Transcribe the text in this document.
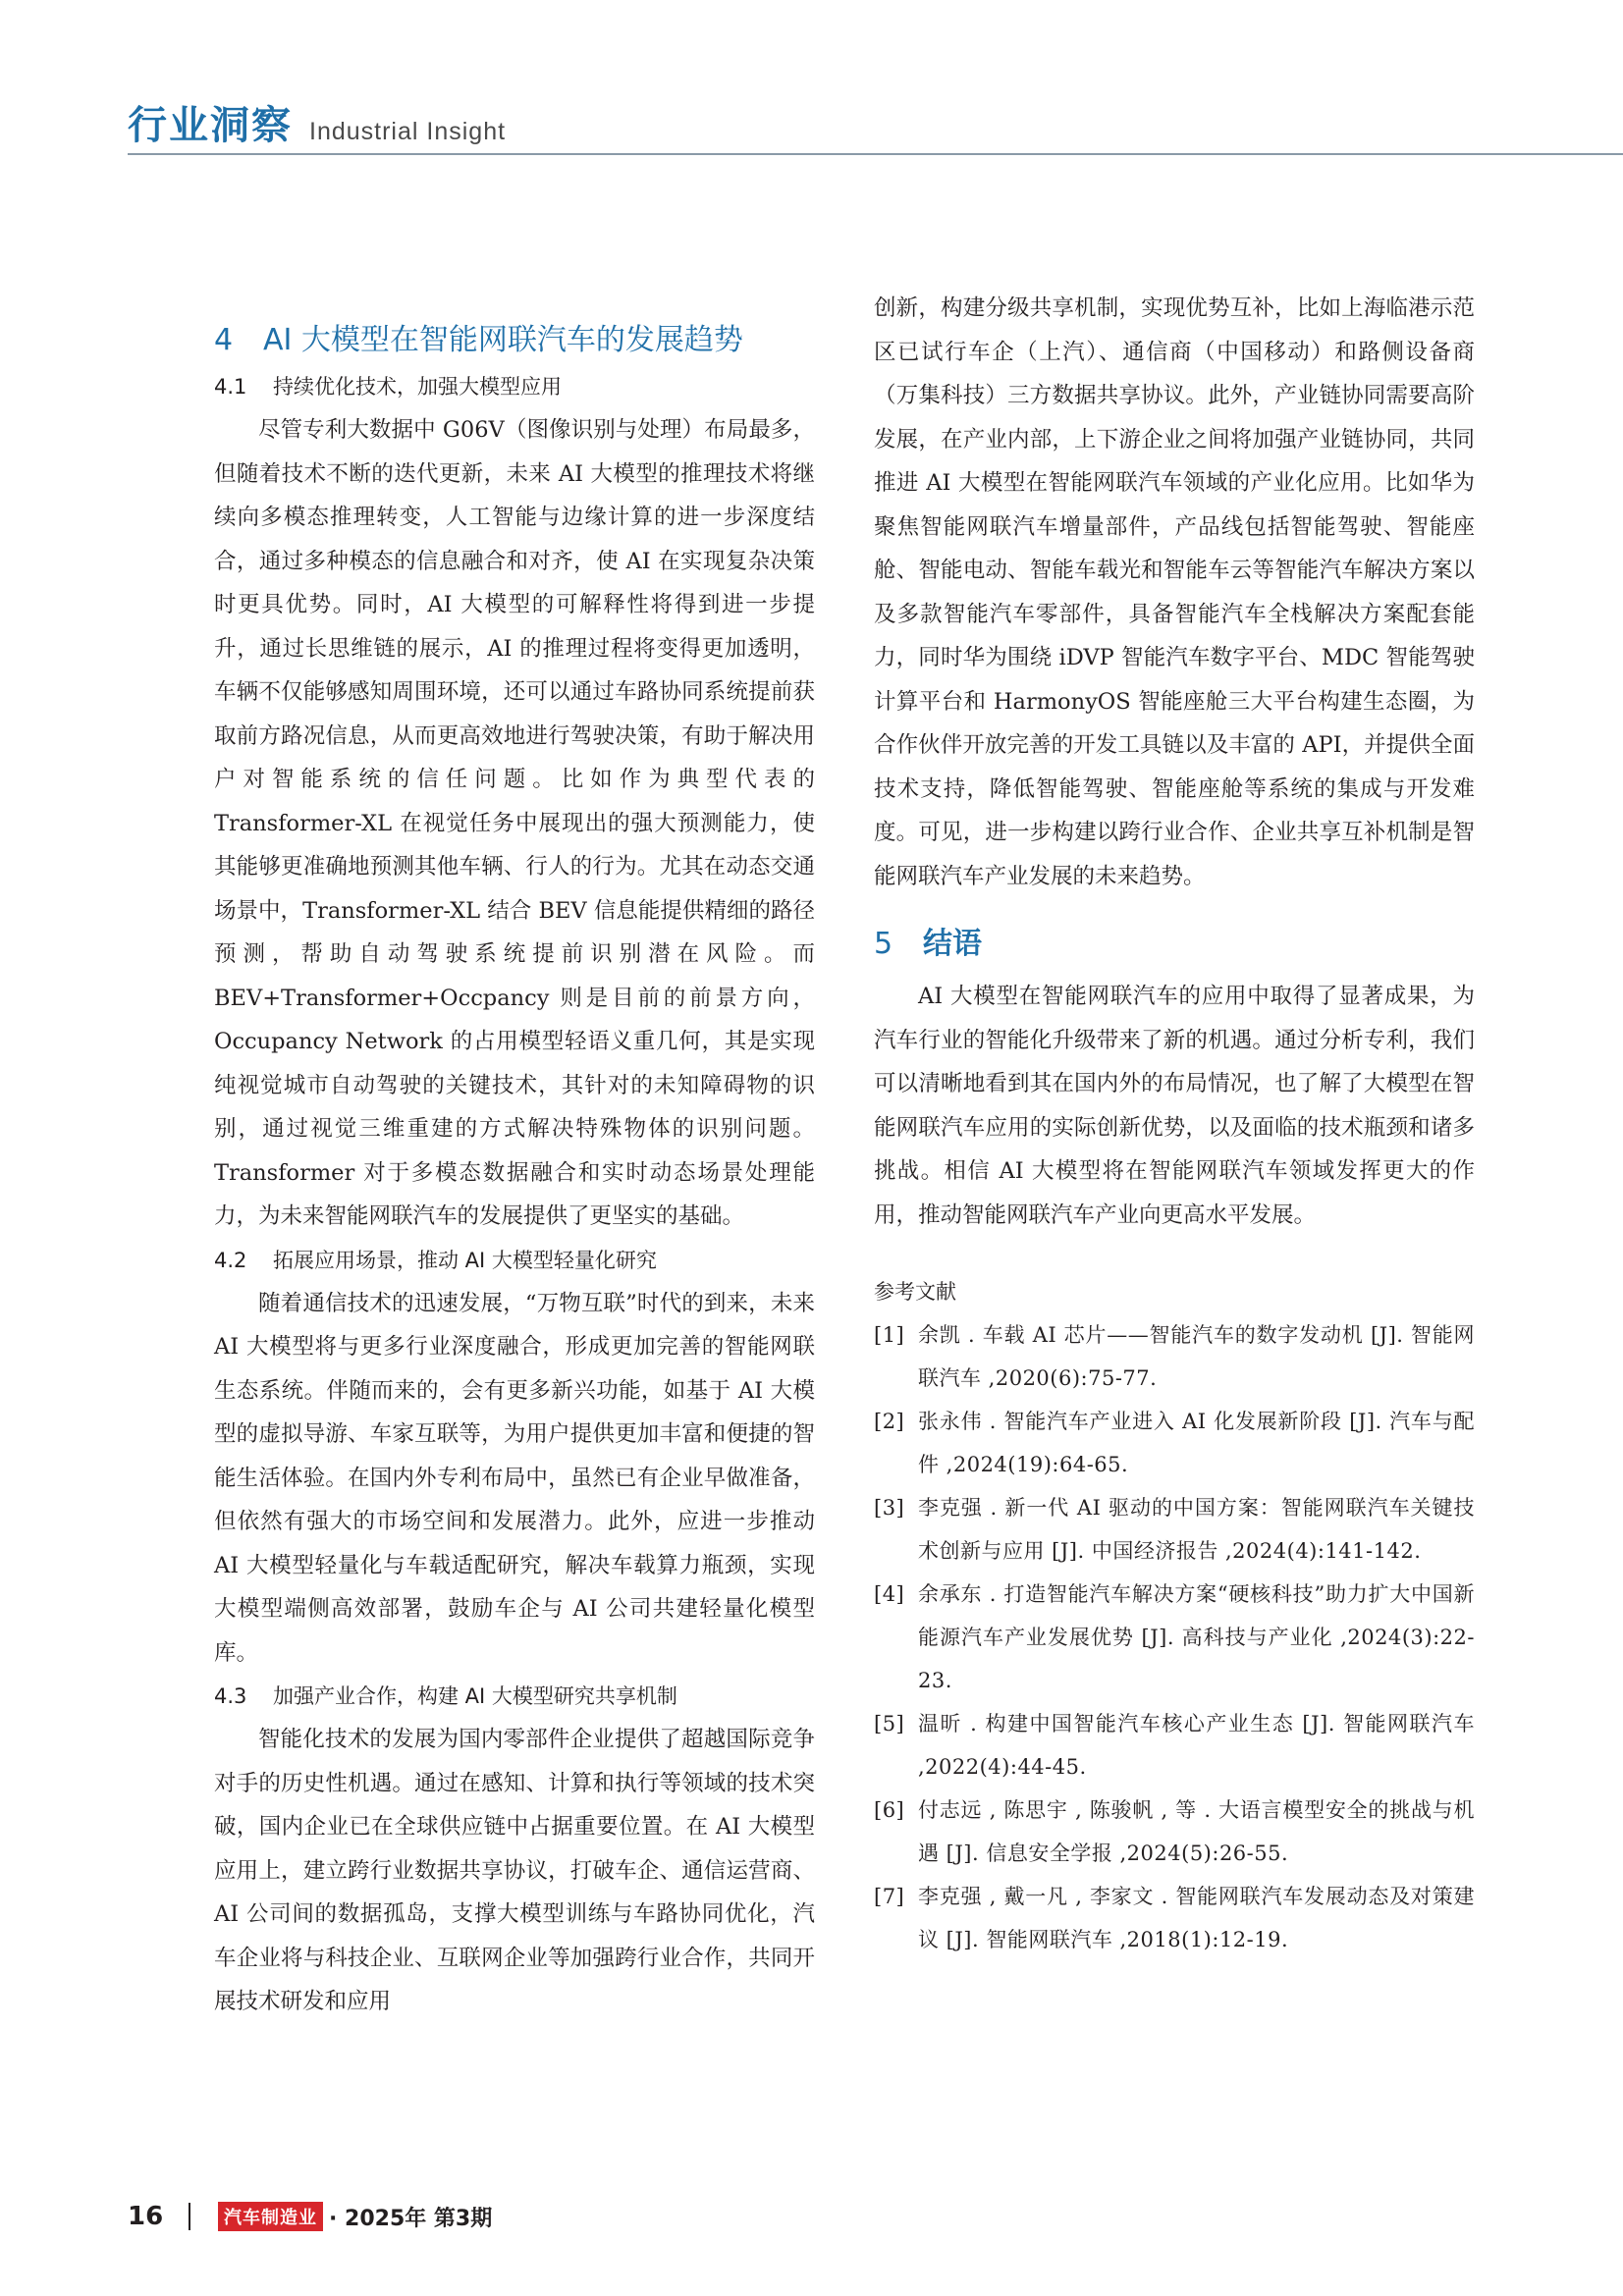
行业洞察 Industrial Insight
4 AI 大模型在智能网联汽车的发展趋势
4.1 持续优化技术，加强大模型应用

尽管专利大数据中 G06V（图像识别与处理）布局最多，但随着技术不断的迭代更新，未来 AI 大模型的推理技术将继续向多模态推理转变，人工智能与边缘计算的进一步深度结合，通过多种模态的信息融合和对齐，使 AI 在实现复杂决策时更具优势。同时，AI 大模型的可解释性将得到进一步提升，通过长思维链的展示，AI 的推理过程将变得更加透明，车辆不仅能够感知周围环境，还可以通过车路协同系统提前获取前方路况信息，从而更高效地进行驾驶决策，有助于解决用户对智能系统的信任问题。比如作为典型代表的 Transformer-XL 在视觉任务中展现出的强大预测能力，使其能够更准确地预测其他车辆、行人的行为。尤其在动态交通场景中，Transformer-XL 结合 BEV 信息能提供精细的路径预测，帮助自动驾驶系统提前识别潜在风险。而 BEV+Transformer+Occpancy 则是目前的前景方向，Occupancy Network 的占用模型轻语义重几何，其是实现纯视觉城市自动驾驶的关键技术，其针对的未知障碍物的识别，通过视觉三维重建的方式解决特殊物体的识别问题。Transformer 对于多模态数据融合和实时动态场景处理能力，为未来智能网联汽车的发展提供了更坚实的基础。

4.2 拓展应用场景，推动 AI 大模型轻量化研究

随着通信技术的迅速发展，“万物互联”时代的到来，未来 AI 大模型将与更多行业深度融合，形成更加完善的智能网联生态系统。伴随而来的，会有更多新兴功能，如基于 AI 大模型的虚拟导游、车家互联等，为用户提供更加丰富和便捷的智能生活体验。在国内外专利布局中，虽然已有企业早做准备，但依然有强大的市场空间和发展潜力。此外，应进一步推动 AI 大模型轻量化与车载适配研究，解决车载算力瓶颈，实现大模型端侧高效部署，鼓励车企与 AI 公司共建轻量化模型库。

4.3 加强产业合作，构建 AI 大模型研究共享机制

智能化技术的发展为国内零部件企业提供了超越国际竞争对手的历史性机遇。通过在感知、计算和执行等领域的技术突破，国内企业已在全球供应链中占据重要位置。在 AI 大模型应用上，建立跨行业数据共享协议，打破车企、通信运营商、AI 公司间的数据孤岛，支撑大模型训练与车路协同优化，汽车企业将与科技企业、互联网企业等加强跨行业合作，共同开展技术研发和应用

创新，构建分级共享机制，实现优势互补，比如上海临港示范区已试行车企（上汽）、通信商（中国移动）和路侧设备商（万集科技）三方数据共享协议。此外，产业链协同需要高阶发展，在产业内部，上下游企业之间将加强产业链协同，共同推进 AI 大模型在智能网联汽车领域的产业化应用。比如华为聚焦智能网联汽车增量部件，产品线包括智能驾驶、智能座舱、智能电动、智能车载光和智能车云等智能汽车解决方案以及多款智能汽车零部件，具备智能汽车全栈解决方案配套能力，同时华为围绕 iDVP 智能汽车数字平台、MDC 智能驾驶计算平台和 HarmonyOS 智能座舱三大平台构建生态圈，为合作伙伴开放完善的开发工具链以及丰富的 API，并提供全面技术支持，降低智能驾驶、智能座舱等系统的集成与开发难度。可见，进一步构建以跨行业合作、企业共享互补机制是智能网联汽车产业发展的未来趋势。

5 结语

AI 大模型在智能网联汽车的应用中取得了显著成果，为汽车行业的智能化升级带来了新的机遇。通过分析专利，我们可以清晰地看到其在国内外的布局情况，也了解了大模型在智能网联汽车应用的实际创新优势，以及面临的技术瓶颈和诸多挑战。相信 AI 大模型将在智能网联汽车领域发挥更大的作用，推动智能网联汽车产业向更高水平发展。

参考文献
[1] 余凯 . 车载 AI 芯片——智能汽车的数字发动机 [J]. 智能网联汽车 ,2020(6):75-77.
[2] 张永伟 . 智能汽车产业进入 AI 化发展新阶段 [J]. 汽车与配件 ,2024(19):64-65.
[3] 李克强 . 新一代 AI 驱动的中国方案：智能网联汽车关键技术创新与应用 [J]. 中国经济报告 ,2024(4):141-142.
[4] 余承东 . 打造智能汽车解决方案“硬核科技”助力扩大中国新能源汽车产业发展优势 [J]. 高科技与产业化 ,2024(3):22-23.
[5] 温昕 . 构建中国智能汽车核心产业生态 [J]. 智能网联汽车 ,2022(4):44-45.
[6] 付志远 , 陈思宇 , 陈骏帆 , 等 . 大语言模型安全的挑战与机遇 [J]. 信息安全学报 ,2024(5):26-55.
[7] 李克强 , 戴一凡 , 李家文 . 智能网联汽车发展动态及对策建议 [J]. 智能网联汽车 ,2018(1):12-19.
16	汽车制造业 · 2025年 第3期
